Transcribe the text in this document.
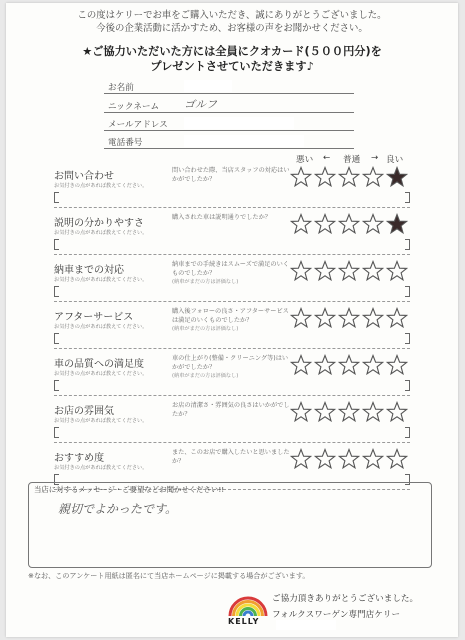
この度はケリーでお車をご購入いただき、誠にありがとうございました。
今後の企業活動に活かすため、お客様の声をお聞かせください。
★ご協力いただいた方には全員にクオカード(５００円分)を
プレゼントさせていただきます♪
お名前
ニックネーム ゴルフ
メールアドレス
電話番号
悪い ← 普通 → 良い
お問い合わせ
お気付きの点があれば教えてください。
問い合わせた際、当店スタッフの対応はいかがでしたか？
説明の分かりやすさ
お気付きの点があれば教えてください。
購入された車は説明通りでしたか？
納車までの対応
お気付きの点があれば教えてください。
納車までの手続きはスムーズで満足のいくものでしたか？
(納車がまだの方は評価なし)
アフターサービス
お気付きの点があれば教えてください。
購入後フォローの良さ・アフターサービスは満足のいくものでしたか？
(納車がまだの方は評価なし)
車の品質への満足度
お気付きの点があれば教えてください。
車の仕上がり(整備・クリーニング等)はいかがでしたか？
(納車がまだの方は評価なし)
お店の雰囲気
お気付きの点があれば教えてください。
お店の清潔さ・雰囲気の良さはいかがでしたか？
おすすめ度
お気付きの点があれば教えてください。
また、このお店で購入したいと思いましたか？
当店に対するメッセージ・ご要望などお聞かせください!!
親切でよかったです。
※なお、このアンケート用紙は匿名にて当店ホームページに掲載する場合がございます。
KELLY
ご協力頂きありがとうございました。
フォルクスワーゲン専門店ケリー
